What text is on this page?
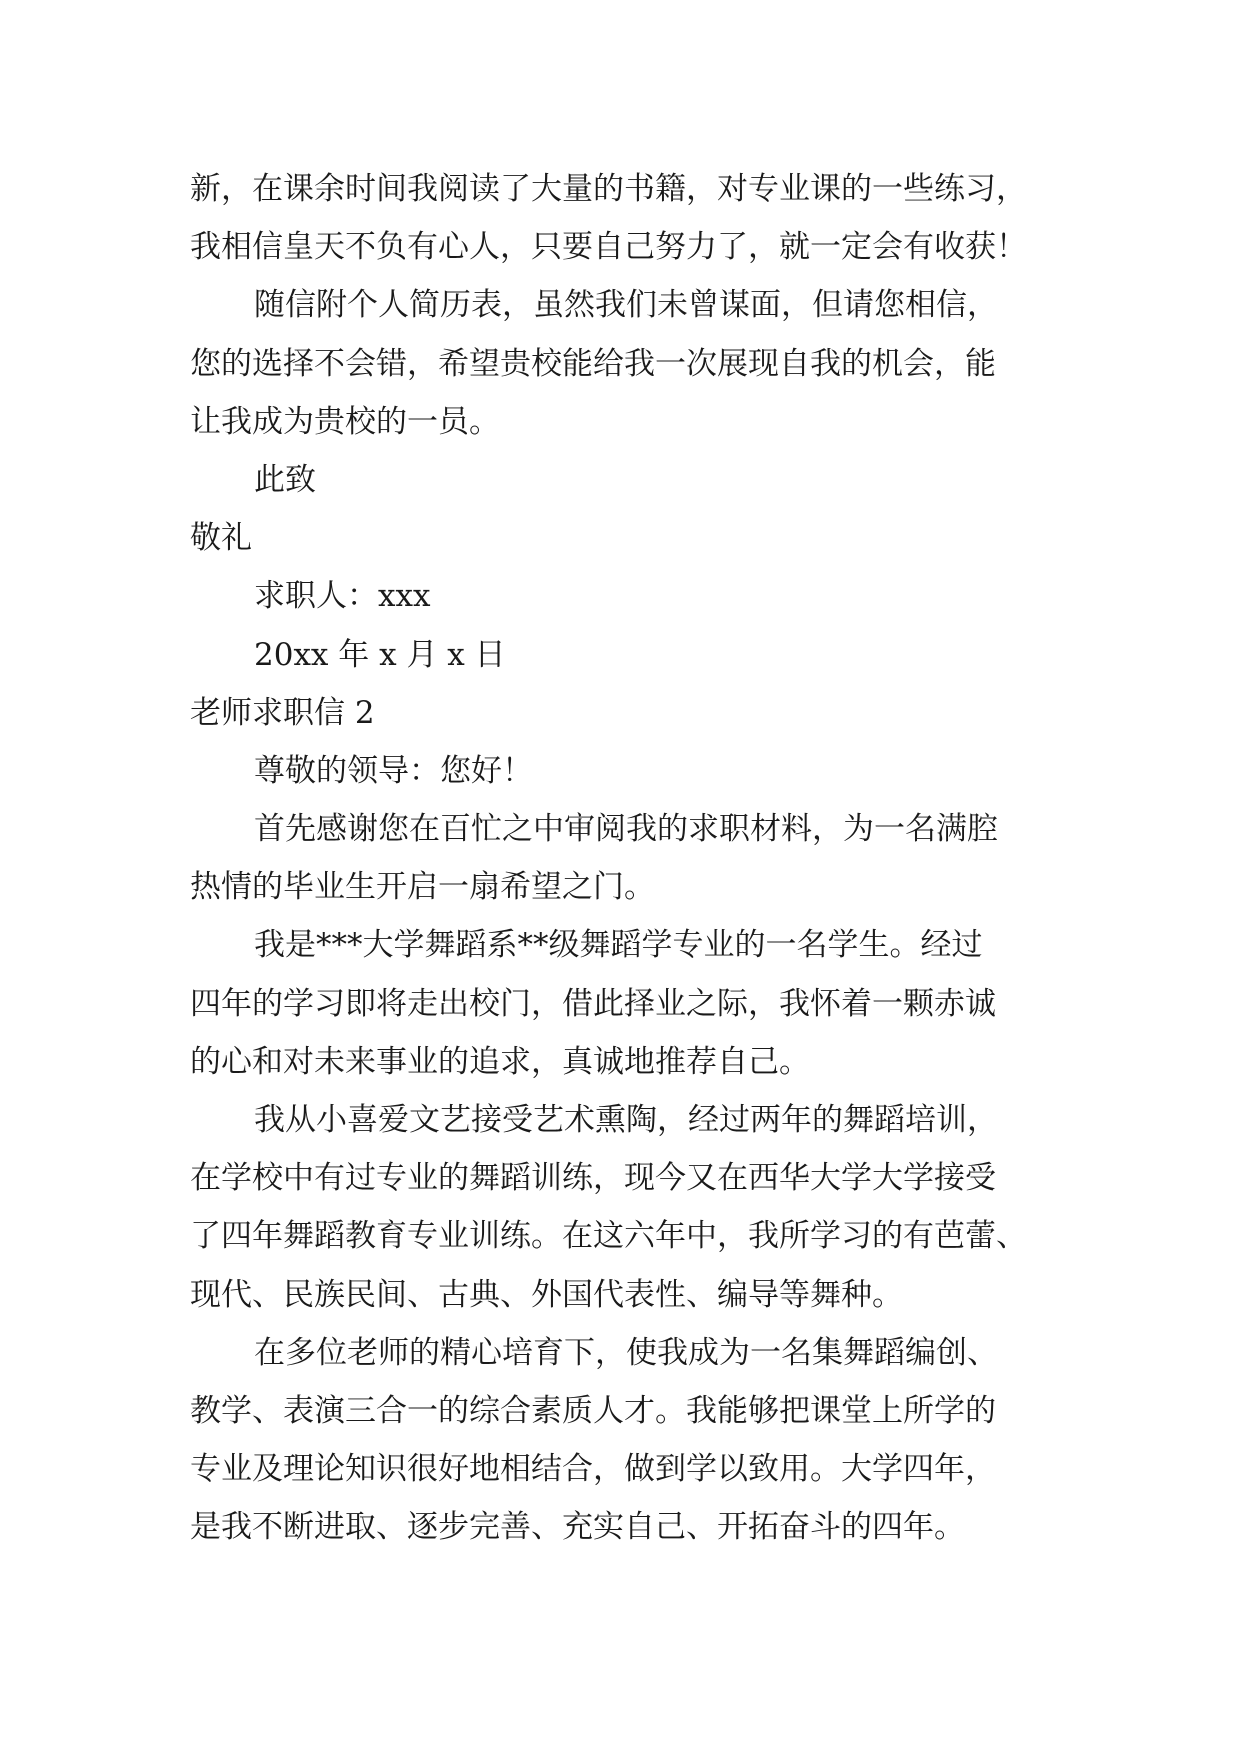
新，在课余时间我阅读了大量的书籍，对专业课的一些练习，
我相信皇天不负有心人，只要自己努力了，就一定会有收获！
随信附个人简历表，虽然我们未曾谋面，但请您相信，
您的选择不会错，希望贵校能给我一次展现自我的机会，能
让我成为贵校的一员。
此致
敬礼
求职人：xxx
20xx 年 x 月 x 日
老师求职信 2
尊敬的领导：您好！
首先感谢您在百忙之中审阅我的求职材料，为一名满腔
热情的毕业生开启一扇希望之门。
我是***大学舞蹈系**级舞蹈学专业的一名学生。经过
四年的学习即将走出校门，借此择业之际，我怀着一颗赤诚
的心和对未来事业的追求，真诚地推荐自己。
我从小喜爱文艺接受艺术熏陶，经过两年的舞蹈培训，
在学校中有过专业的舞蹈训练，现今又在西华大学大学接受
了四年舞蹈教育专业训练。在这六年中，我所学习的有芭蕾、
现代、民族民间、古典、外国代表性、编导等舞种。
在多位老师的精心培育下，使我成为一名集舞蹈编创、
教学、表演三合一的综合素质人才。我能够把课堂上所学的
专业及理论知识很好地相结合，做到学以致用。大学四年，
是我不断进取、逐步完善、充实自己、开拓奋斗的四年。
